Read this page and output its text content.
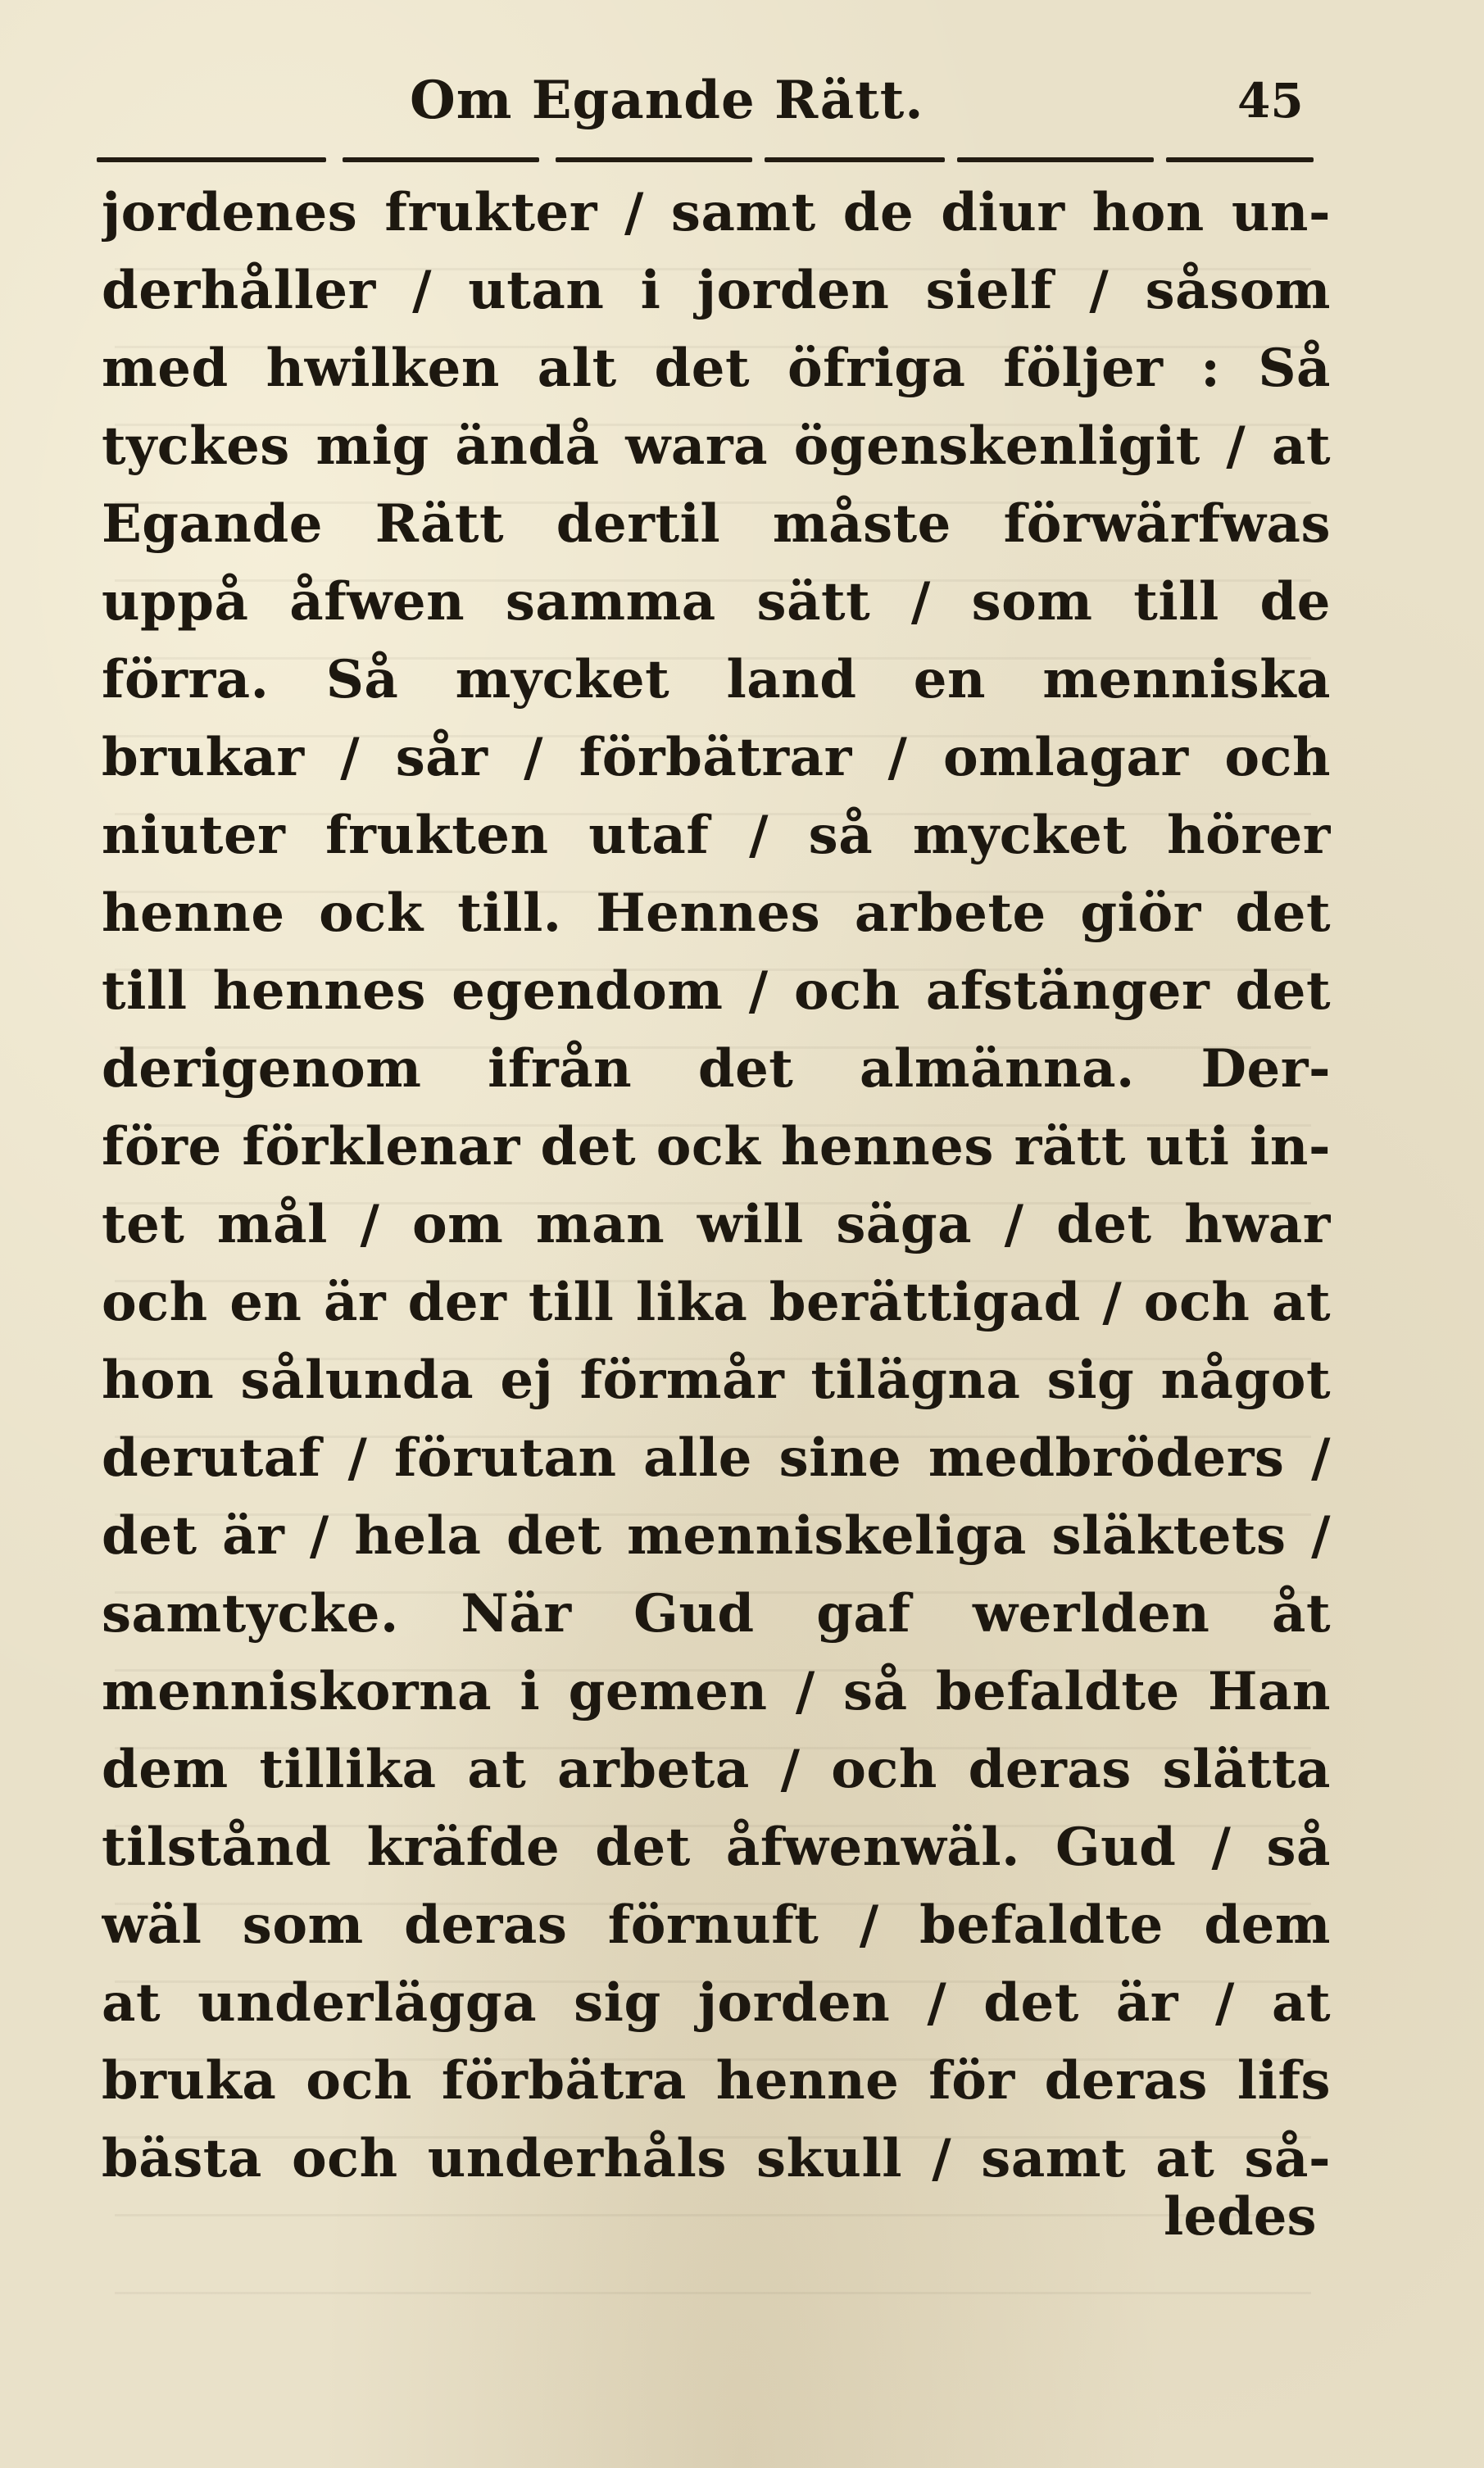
Om Egande Rätt.	45
jordenes frukter / samt de diur hon un-
derhåller / utan i jorden sielf / såsom
med hwilken alt det öfriga följer : Så
tyckes mig ändå wara ögenskenligit / at
Egande Rätt dertil måste förwärfwas
uppå åfwen samma sätt / som till de
förra. Så mycket land en menniska
brukar / sår / förbätrar / omlagar och
niuter frukten utaf / så mycket hörer
henne ock till. Hennes arbete giör det
till hennes egendom / och afstänger det
derigenom ifrån det almänna. Der-
före förklenar det ock hennes rätt uti in-
tet mål / om man will säga / det hwar
och en är der till lika berättigad / och at
hon sålunda ej förmår tilägna sig något
derutaf / förutan alle sine medbröders /
det är / hela det menniskeliga släktets /
samtycke. När Gud gaf werlden åt
menniskorna i gemen / så befaldte Han
dem tillika at arbeta / och deras slätta
tilstånd kräfde det åfwenwäl. Gud / så
wäl som deras förnuft / befaldte dem
at underlägga sig jorden / det är / at
bruka och förbätra henne för deras lifs
bästa och underhåls skull / samt at så-
ledes
